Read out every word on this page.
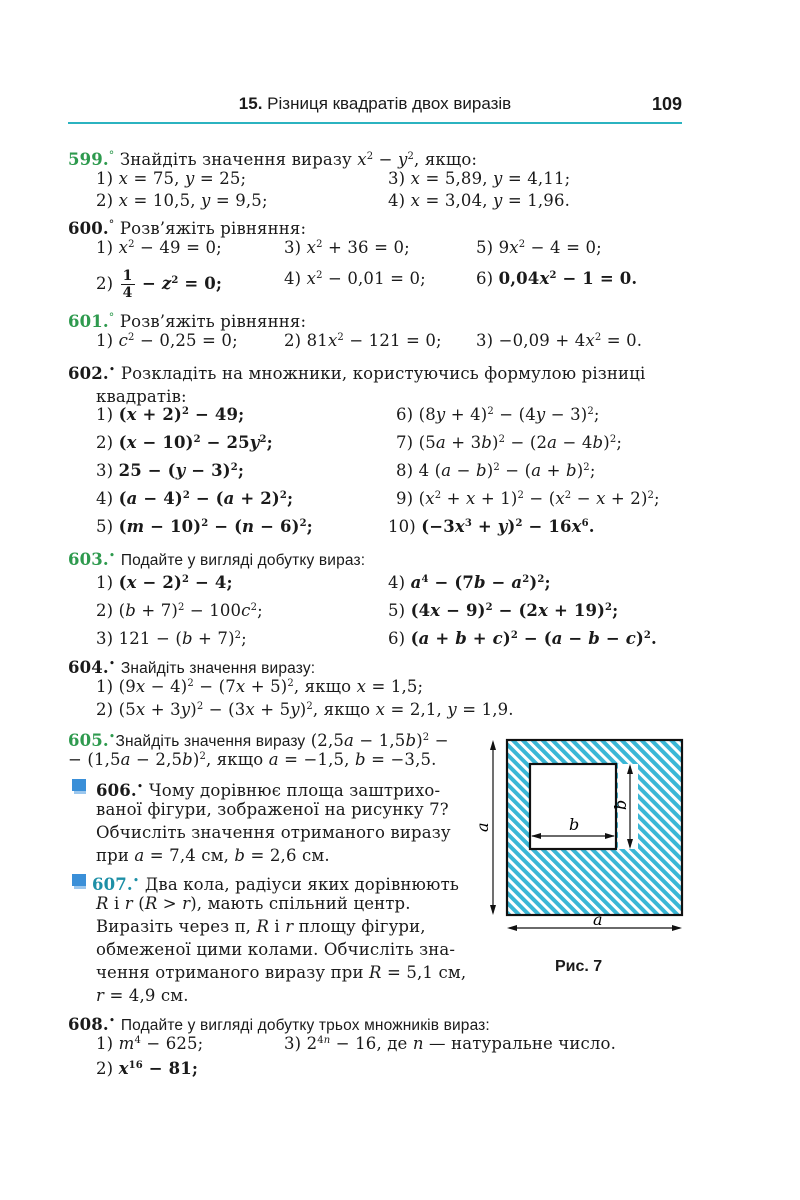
15. Різниця квадратів двох виразів	109
599.° Знайдіть значення виразу $x^2 - y^2$, якщо:
1) x = 75, y = 25;	3) x = 5,89, y = 4,11;
2) x = 10,5, y = 9,5;	4) x = 3,04, y = 1,96.
600.° Розв’яжіть рівняння:
1) $x^2 - 49 = 0$;	3) $x^2 + 36 = 0$;	5) $9x^2 - 4 = 0$;
$2) \frac{1}{4} - z^2 = 0$;	4) $x^2 - 0,01 = 0$;	6) $0,04x^2 - 1 = 0$.
601.° Розв’яжіть рівняння:
1) $c^2 - 0,25 = 0$;	2) $81x^2 - 121 = 0$; $3) -0,09 + 4x^2 = 0$.
602.• Розкладіть на множники, користуючись формулою різниці
квадратів:
1) $(x + 2)^2 - 49$;	6) $(8y + 4)^2 - (4y - 3)^2$;
2) $(x - 10)^2 - 25y^2$;	7) $(5a + 3b)^2 - (2a - 4b)^2$;
3) $25 - (y - 3)^2$;	8) 4 $(a - b)^2 - (a + b)^2$;
4) $(a - 4)^2 - (a + 2)^2$;	9) $(x^2 + x + 1)^2 - (x^2 - x + 2)^2$;
5) $(m - 10)^2 - (n - 6)^2$;	10) $(-3x^3 + y)^2 - 16x^6$.
603.• Подайте у вигляді добутку вираз:
1) $(x - 2)^2 - 4$;	4) $a^4 - (7b - a^2)^2$;
2) $(b + 7)^2 - 100c^2$;	5) $(4x - 9)^2 - (2x + 19)^2$;
3) $121 - (b + 7)^2$;	6) $(a + b + c)^2 - (a - b - c)^2$.
604.• Знайдіть значення виразу:
1) $(9x - 4)^2 - (7x + 5)^2$, якщо x = 1,5;
2) $(5x + 3y)^2 - (3x + 5y)^2$, якщо x = 2,1, y = 1,9.
605.•Знайдіть значення виразу $(2,5a - 1,5b)^2$ −
− $(1,5a - 2,5b)^2$, якщо a = −1,5, b = −3,5.
606.• Чому дорівнює площа заштрихо-
ваної фігури, зображеної на рисунку 7?
Обчисліть значення отриманого виразу
при a = 7,4 см, b = 2,6 см.
607.• Два кола, радіуси яких дорівнюють
R і r (R > r), мають спільний центр.
Виразіть через π, R і r площу фігури,
обмеженої цими колами. Обчисліть зна-
чення отриманого виразу при R = 5,1 см,
r = 4,9 см.
608.• Подайте у вигляді добутку трьох множників вираз:
1) $m^4 - 625$;	3) $2^{4n} - 16$, де n — натуральне число.
2) $x^{16} - 81$;
a
a
b
b
Рис. 7
